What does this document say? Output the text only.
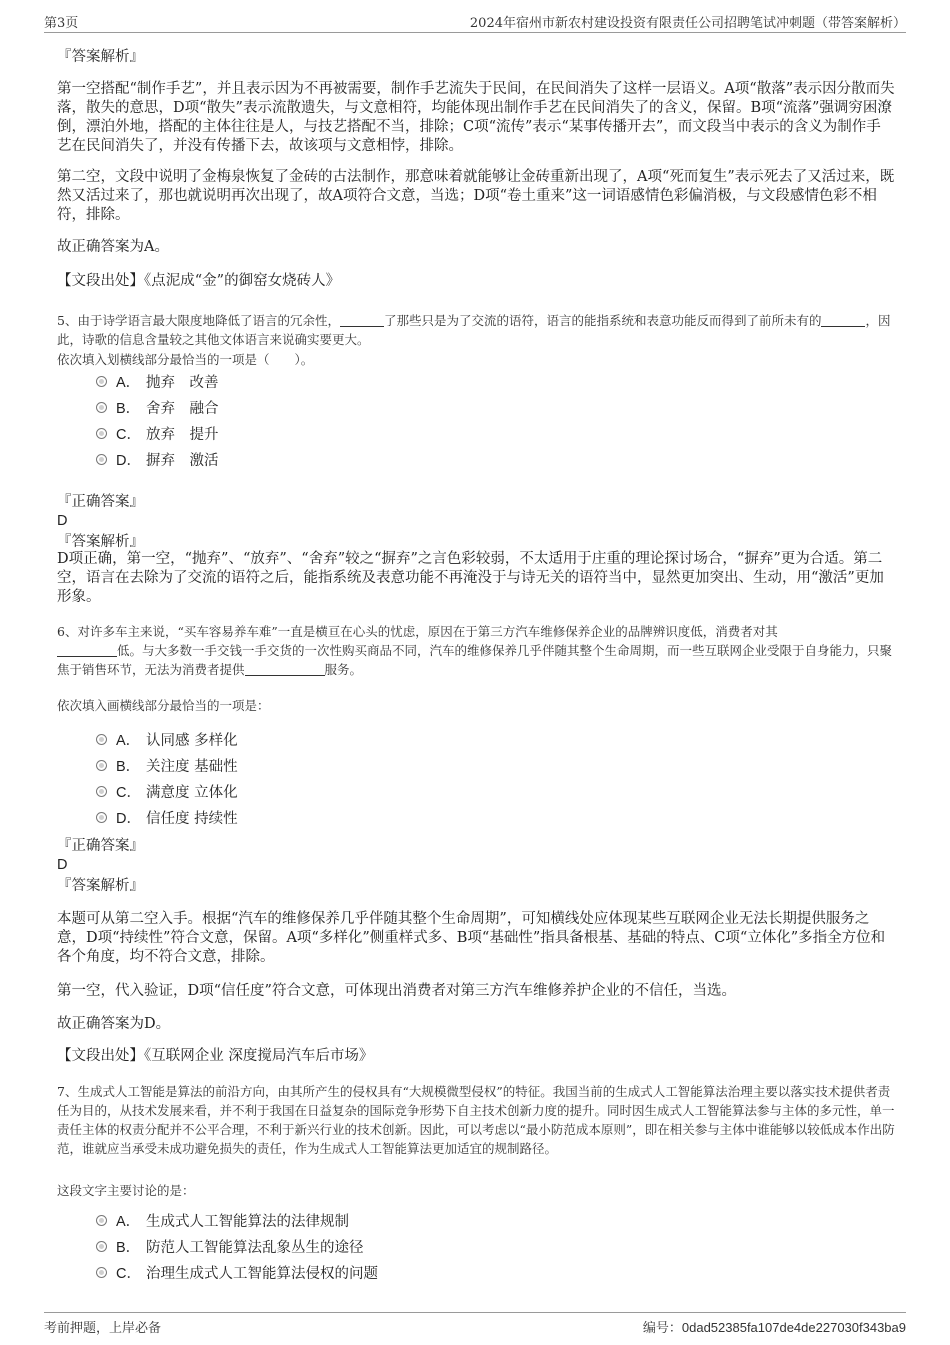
第3页	2024年宿州市新农村建设投资有限责任公司招聘笔试冲刺题（带答案解析）

『答案解析』

第一空搭配“制作手艺”，并且表示因为不再被需要，制作手艺流失于民间，在民间消失了这样一层语义。A项“散落”表示因分散而失落，散失的意思，D项“散失”表示流散遗失，与文意相符，均能体现出制作手艺在民间消失了的含义，保留。B项“流落”强调穷困潦倒，漂泊外地，搭配的主体往往是人，与技艺搭配不当，排除；C项“流传”表示“某事传播开去”，而文段当中表示的含义为制作手艺在民间消失了，并没有传播下去，故该项与文意相悖，排除。

第二空，文段中说明了金梅泉恢复了金砖的古法制作，那意味着就能够让金砖重新出现了，A项“死而复生”表示死去了又活过来，既然又活过来了，那也就说明再次出现了，故A项符合文意，当选；D项“卷土重来”这一词语感情色彩偏消极，与文段感情色彩不相符，排除。

故正确答案为A。

【文段出处】《点泥成“金”的御窑女烧砖人》

5、由于诗学语言最大限度地降低了语言的冗余性，	了那些只是为了交流的语符，语言的能指系统和表意功能反而得到了前所未有的	，因此，诗歌的信息含量较之其他文体语言来说确实要更大。

依次填入划横线部分最恰当的一项是（　　）。

A． 抛弃　改善
B． 舍弃　融合
C． 放弃　提升
D． 摒弃　激活

『正确答案』

D

『答案解析』

D项正确，第一空，“抛弃”、“放弃”、“舍弃”较之“摒弃”之言色彩较弱，不太适用于庄重的理论探讨场合，“摒弃”更为合适。第二空，语言在去除为了交流的语符之后，能指系统及表意功能不再淹没于与诗无关的语符当中，显然更加突出、生动，用“激活”更加形象。

6、对许多车主来说，“买车容易养车难”一直是横亘在心头的忧虑，原因在于第三方汽车维修保养企业的品牌辨识度低，消费者对其
低。与大多数一手交钱一手交货的一次性购买商品不同，汽车的维修保养几乎伴随其整个生命周期，而一些互联网企业受限于自身能力，只聚焦于销售环节，无法为消费者提供	服务。

依次填入画横线部分最恰当的一项是：

A． 认同感 多样化
B． 关注度 基础性
C． 满意度 立体化
D． 信任度 持续性

『正确答案』

D

『答案解析』

本题可从第二空入手。根据“汽车的维修保养几乎伴随其整个生命周期”，可知横线处应体现某些互联网企业无法长期提供服务之意，D项“持续性”符合文意，保留。A项“多样化”侧重样式多、B项“基础性”指具备根基、基础的特点、C项“立体化”多指全方位和各个角度，均不符合文意，排除。

第一空，代入验证，D项“信任度”符合文意，可体现出消费者对第三方汽车维修养护企业的不信任，当选。

故正确答案为D。

【文段出处】《互联网企业 深度搅局汽车后市场》

7、生成式人工智能是算法的前沿方向，由其所产生的侵权具有“大规模微型侵权”的特征。我国当前的生成式人工智能算法治理主要以落实技术提供者责任为目的，从技术发展来看，并不利于我国在日益复杂的国际竞争形势下自主技术创新力度的提升。同时因生成式人工智能算法参与主体的多元性，单一责任主体的权责分配并不公平合理，不利于新兴行业的技术创新。因此，可以考虑以“最小防范成本原则”，即在相关参与主体中谁能够以较低成本作出防范，谁就应当承受未成功避免损失的责任，作为生成式人工智能算法更加适宜的规制路径。

这段文字主要讨论的是：

A． 生成式人工智能算法的法律规制
B． 防范人工智能算法乱象丛生的途径
C． 治理生成式人工智能算法侵权的问题
考前押题，上岸必备	编号：0dad52385fa107de4de227030f343ba9
